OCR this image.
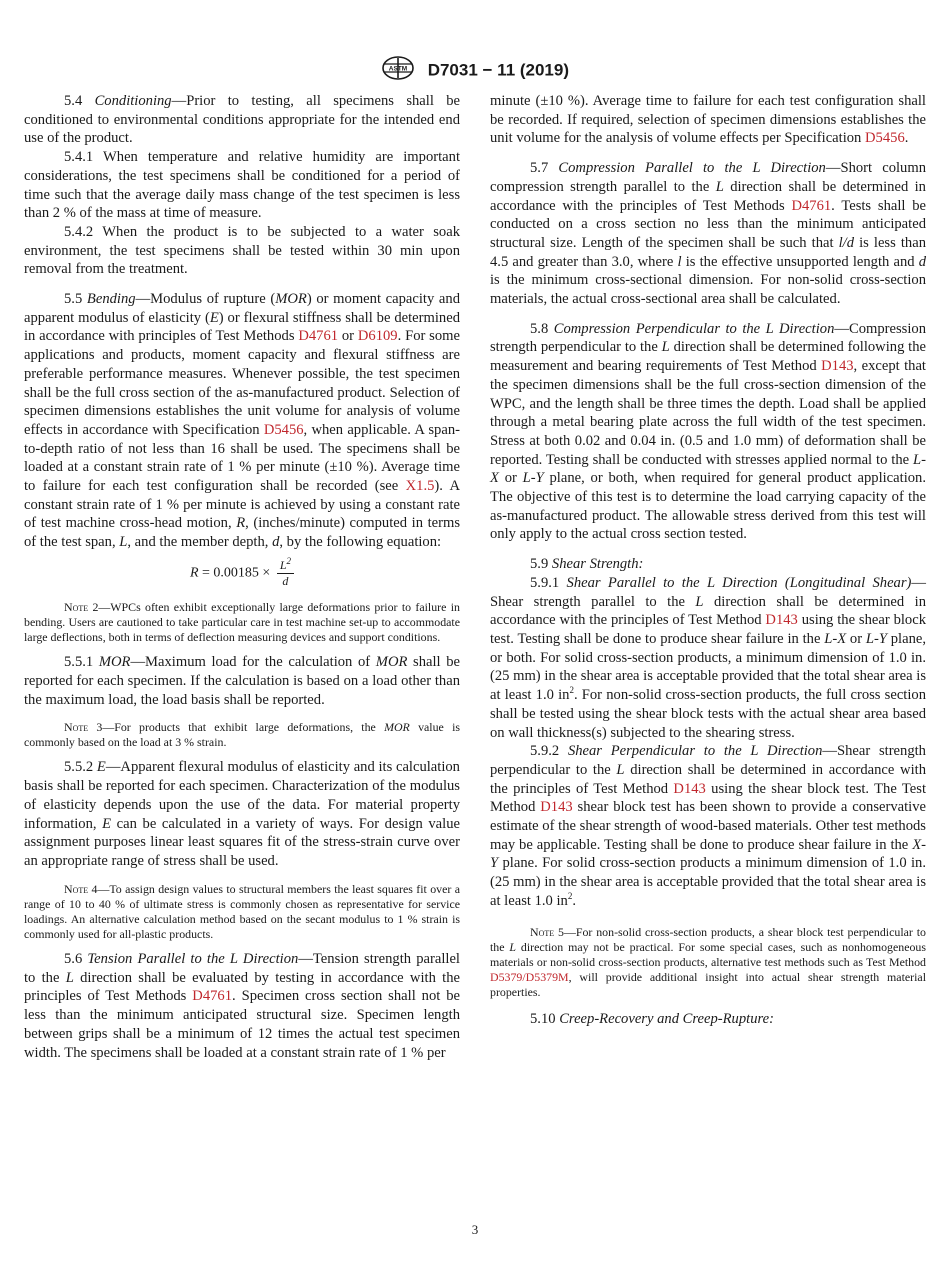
ASTM D7031 − 11 (2019)

5.4 Conditioning—Prior to testing, all specimens shall be conditioned to environmental conditions appropriate for the intended end use of the product.

5.4.1 When temperature and relative humidity are important considerations, the test specimens shall be conditioned for a period of time such that the average daily mass change of the test specimen is less than 2 % of the mass at time of measure.

5.4.2 When the product is to be subjected to a water soak environment, the test specimens shall be tested within 30 min upon removal from the treatment.

5.5 Bending—Modulus of rupture (MOR) or moment capacity and apparent modulus of elasticity (E) or flexural stiffness shall be determined in accordance with principles of Test Methods D4761 or D6109. For some applications and products, moment capacity and flexural stiffness are preferable performance measures. Whenever possible, the test specimen shall be the full cross section of the as-manufactured product. Selection of specimen dimensions establishes the unit volume for analysis of volume effects in accordance with Specification D5456, when applicable. A span-to-depth ratio of not less than 16 shall be used. The specimens shall be loaded at a constant strain rate of 1 % per minute (±10 %). Average time to failure for each test configuration shall be recorded (see X1.5). A constant strain rate of 1 % per minute is achieved by using a constant rate of test machine cross-head motion, R, (inches/minute) computed in terms of the test span, L, and the member depth, d, by the following equation:

$R = 0.00185 \times \frac{L^2}{d}$

Note 2—WPCs often exhibit exceptionally large deformations prior to failure in bending. Users are cautioned to take particular care in test machine set-up to accommodate large deflections, both in terms of deflection measuring devices and support conditions.

5.5.1 MOR—Maximum load for the calculation of MOR shall be reported for each specimen. If the calculation is based on a load other than the maximum load, the load basis shall be reported.

Note 3—For products that exhibit large deformations, the MOR value is commonly based on the load at 3 % strain.

5.5.2 E—Apparent flexural modulus of elasticity and its calculation basis shall be reported for each specimen. Characterization of the modulus of elasticity depends upon the use of the data. For material property information, E can be calculated in a variety of ways. For design value assignment purposes linear least squares fit of the stress-strain curve over an appropriate range of stress shall be used.

Note 4—To assign design values to structural members the least squares fit over a range of 10 to 40 % of ultimate stress is commonly chosen as representative for service loadings. An alternative calculation method based on the secant modulus to 1 % strain is commonly used for all-plastic products.

5.6 Tension Parallel to the L Direction—Tension strength parallel to the L direction shall be evaluated by testing in accordance with the principles of Test Methods D4761. Specimen cross section shall not be less than the minimum anticipated structural size. Specimen length between grips shall be a minimum of 12 times the actual test specimen width. The specimens shall be loaded at a constant strain rate of 1 % per

minute (±10 %). Average time to failure for each test configuration shall be recorded. If required, selection of specimen dimensions establishes the unit volume for the analysis of volume effects per Specification D5456.

5.7 Compression Parallel to the L Direction—Short column compression strength parallel to the L direction shall be determined in accordance with the principles of Test Methods D4761. Tests shall be conducted on a cross section no less than the minimum anticipated structural size. Length of the specimen shall be such that l/d is less than 4.5 and greater than 3.0, where l is the effective unsupported length and d is the minimum cross-sectional dimension. For non-solid cross-section materials, the actual cross-sectional area shall be calculated.

5.8 Compression Perpendicular to the L Direction—Compression strength perpendicular to the L direction shall be determined following the measurement and bearing requirements of Test Method D143, except that the specimen dimensions shall be the full cross-section dimension of the WPC, and the length shall be three times the depth. Load shall be applied through a metal bearing plate across the full width of the test specimen. Stress at both 0.02 and 0.04 in. (0.5 and 1.0 mm) of deformation shall be reported. Testing shall be conducted with stresses applied normal to the L-X or L-Y plane, or both, when required for general product application. The objective of this test is to determine the load carrying capacity of the as-manufactured product. The allowable stress derived from this test will only apply to the actual cross section tested.

5.9 Shear Strength:

5.9.1 Shear Parallel to the L Direction (Longitudinal Shear)—Shear strength parallel to the L direction shall be determined in accordance with the principles of Test Method D143 using the shear block test. Testing shall be done to produce shear failure in the L-X or L-Y plane, or both. For solid cross-section products, a minimum dimension of 1.0 in. (25 mm) in the shear area is acceptable provided that the total shear area is at least 1.0 $in^2$. For non-solid cross-section products, the full cross section shall be tested using the shear block tests with the actual shear area based on wall thickness(s) subjected to the shearing stress.

5.9.2 Shear Perpendicular to the L Direction—Shear strength perpendicular to the L direction shall be determined in accordance with the principles of Test Method D143 using the shear block test. The Test Method D143 shear block test has been shown to provide a conservative estimate of the shear strength of wood-based materials. Other test methods may be applicable. Testing shall be done to produce shear failure in the X-Y plane. For solid cross-section products a minimum dimension of 1.0 in. (25 mm) in the shear area is acceptable provided that the total shear area is at least 1.0 $in^2$.

Note 5—For non-solid cross-section products, a shear block test perpendicular to the L direction may not be practical. For some special cases, such as nonhomogeneous materials or non-solid cross-section products, alternative test methods such as Test Method D5379/D5379M, will provide additional insight into actual shear strength material properties.

5.10 Creep-Recovery and Creep-Rupture:

3
